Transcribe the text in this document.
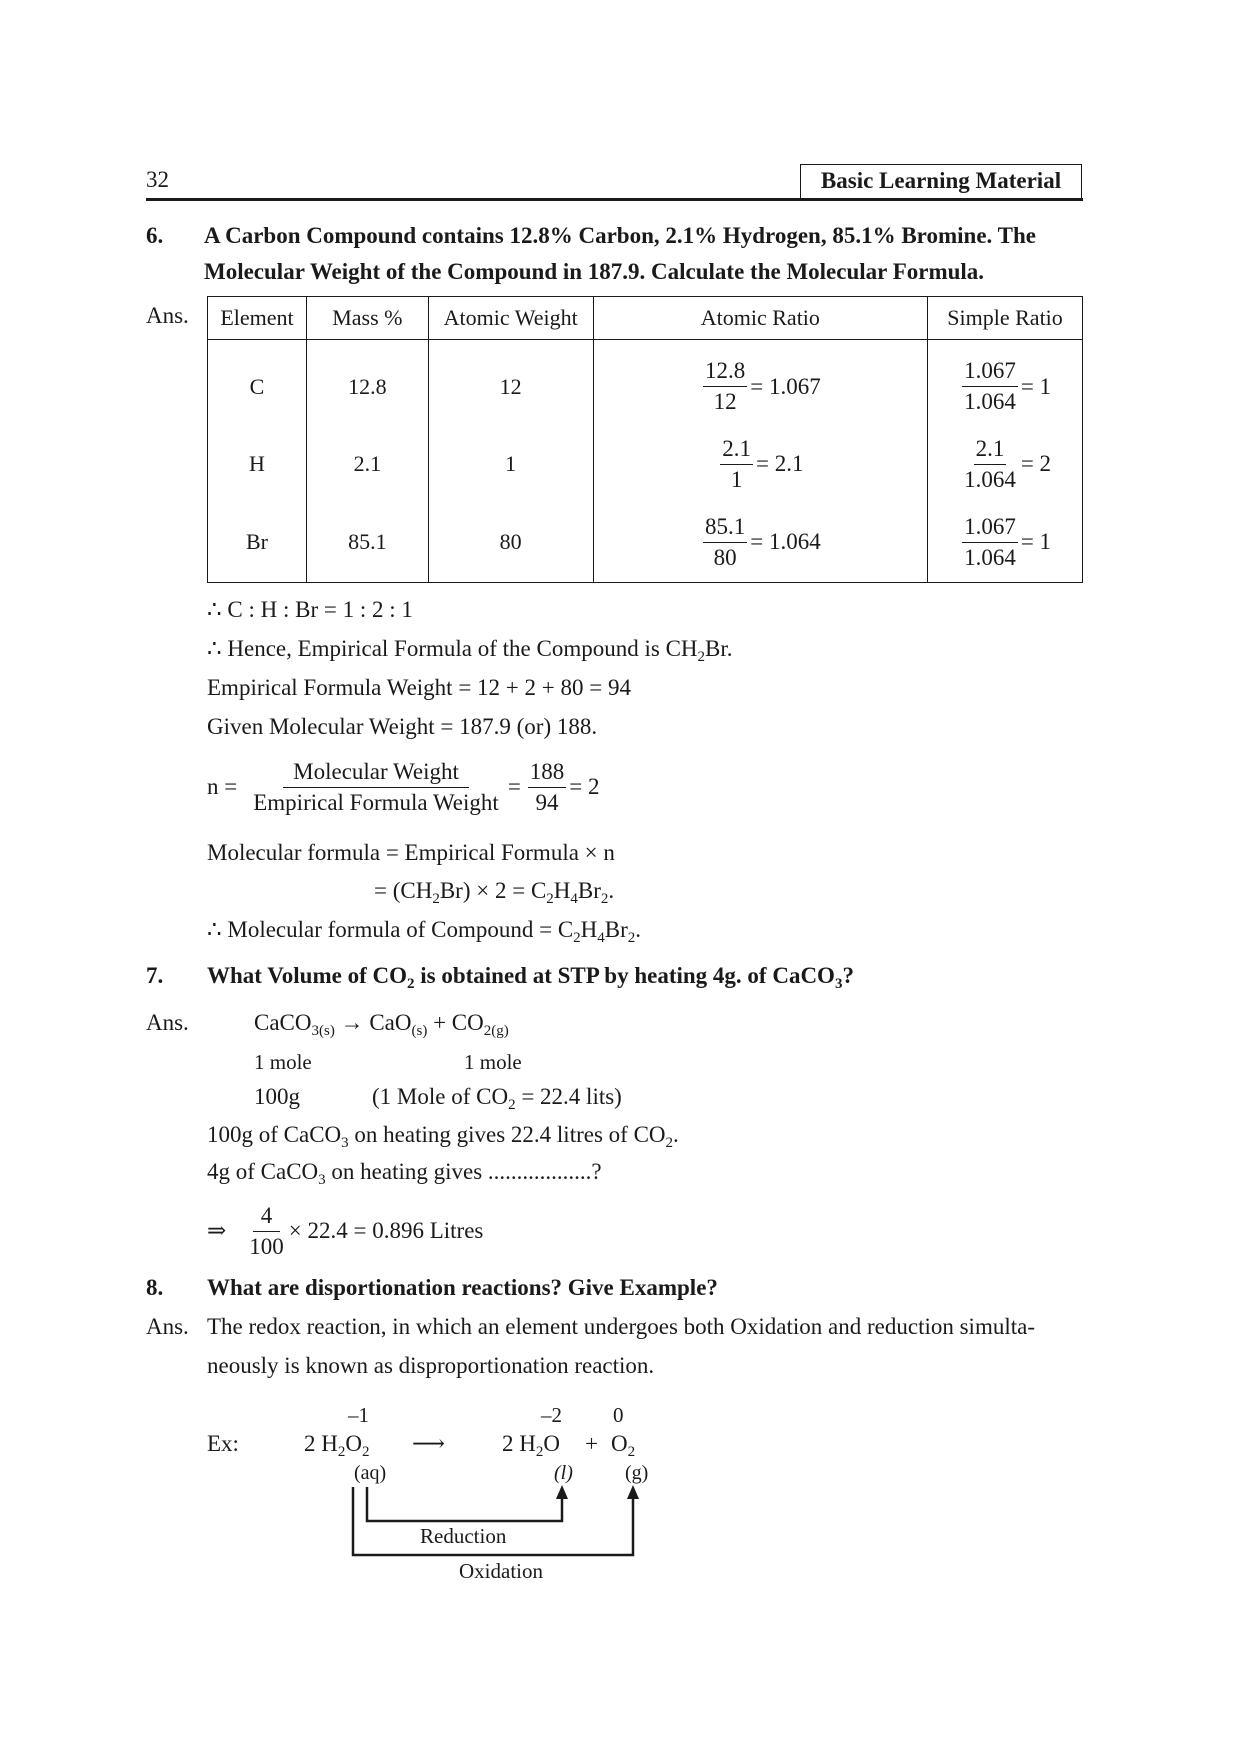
32	Basic Learning Material
6. A Carbon Compound contains 12.8% Carbon, 2.1% Hydrogen, 85.1% Bromine. The
Molecular Weight of the Compound in 187.9. Calculate the Molecular Formula.
Ans. Element	Mass %	Atomic Weight	Atomic Ratio	Simple Ratio
C	12.8	12	$\frac{12.8}{12} = 1.067$	$\frac{1.067}{1.064} = 1$

H	2.1	1	$\frac{2.1}{1} = 2.1$	$\frac{2.1}{1.064} = 2$

Br	85.1	80	$\frac{85.1}{80} = 1.064$	$\frac{1.067}{1.064} = 1$
∴ C : H : Br = 1 : 2 : 1
∴ Hence, Empirical Formula of the Compound is $CH_2Br$.
Empirical Formula Weight = 12 + 2 + 80 = 94
Given Molecular Weight = 187.9 (or) 188.
$n = \frac{\text{Molecular Weight}}{\text{Empirical Formula Weight}} = \frac{188}{94} = 2$
Molecular formula = Empirical Formula × n
= $(CH_2Br) \times 2 = C_2H_4Br_2$.
∴ Molecular formula of Compound = $C_2H_4Br_2$.
7. What Volume of $CO_2$ is obtained at STP by heating 4g. of CaCO$_3$?
Ans.	CaCO$_{3(s)}$ → $CaO_{(s)} + CO_{2(g)}$
1 mole	1 mole
100g	(1 Mole of $CO_2 = 22.4$ lits)
100g of CaCO$_3$ on heating gives 22.4 litres of $CO_2$.
4g of CaCO$_3$ on heating gives ..................?
⇒ $\frac{4}{100} \times 22.4 = 0.896$ Litres
8. What are disportionation reactions? Give Example?
Ans. The redox reaction, in which an element undergoes both Oxidation and reduction simulta-
neously is known as disproportionation reaction.
–1	–2 0
Ex:	2 $H_2O_2$ ⟶ 2 $H_2O + O_2$
(aq)	(l)	(g)
Reduction
Oxidation
